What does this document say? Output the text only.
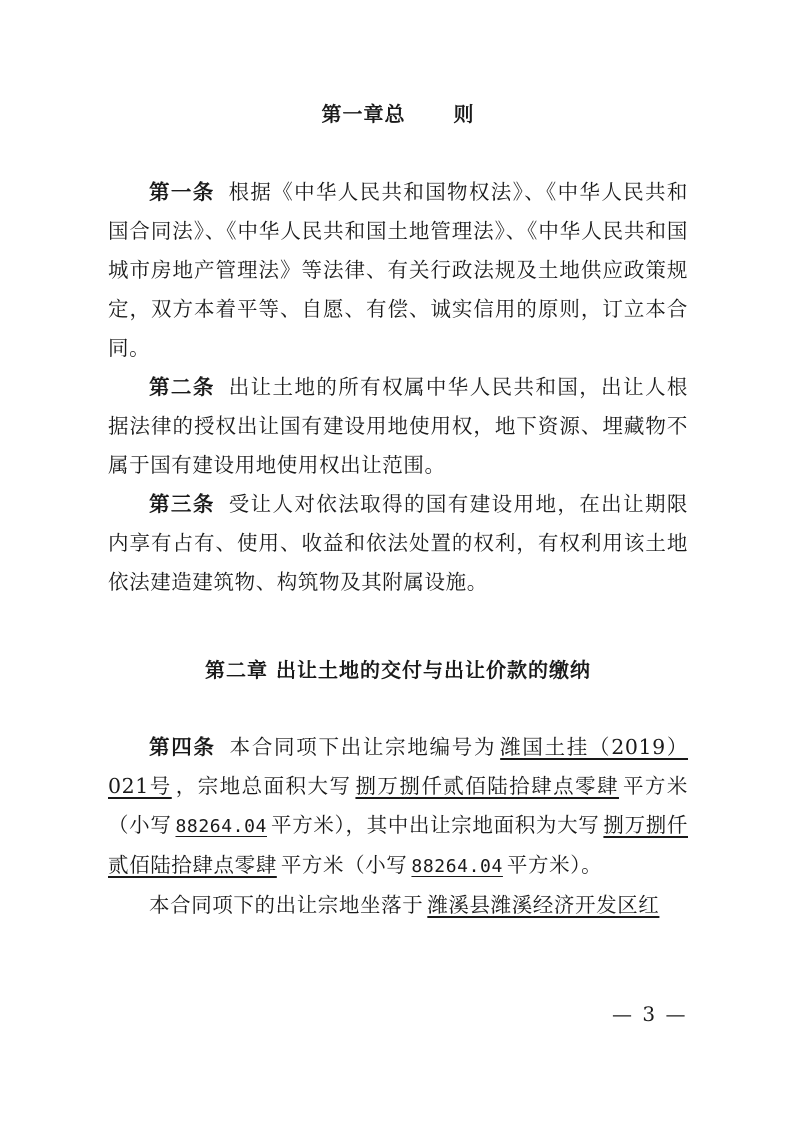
第一章总 则

第一条 根据《中华人民共和国物权法》、《中华人民共和国合同法》、《中华人民共和国土地管理法》、《中华人民共和国城市房地产管理法》等法律、有关行政法规及土地供应政策规定，双方本着平等、自愿、有偿、诚实信用的原则，订立本合同。

第二条 出让土地的所有权属中华人民共和国，出让人根据法律的授权出让国有建设用地使用权，地下资源、埋藏物不属于国有建设用地使用权出让范围。

第三条 受让人对依法取得的国有建设用地，在出让期限内享有占有、使用、收益和依法处置的权利，有权利用该土地依法建造建筑物、构筑物及其附属设施。

第二章 出让土地的交付与出让价款的缴纳

第四条 本合同项下出让宗地编号为 潍国土挂（2019）021号 ，宗地总面积大写 捌万捌仟贰佰陆拾肆点零肆 平方米（小写 88264.04 平方米），其中出让宗地面积为大写 捌万捌仟贰佰陆拾肆点零肆 平方米（小写 88264.04 平方米）。

本合同项下的出让宗地坐落于 潍溪县潍溪经济开发区红

— 3 —
